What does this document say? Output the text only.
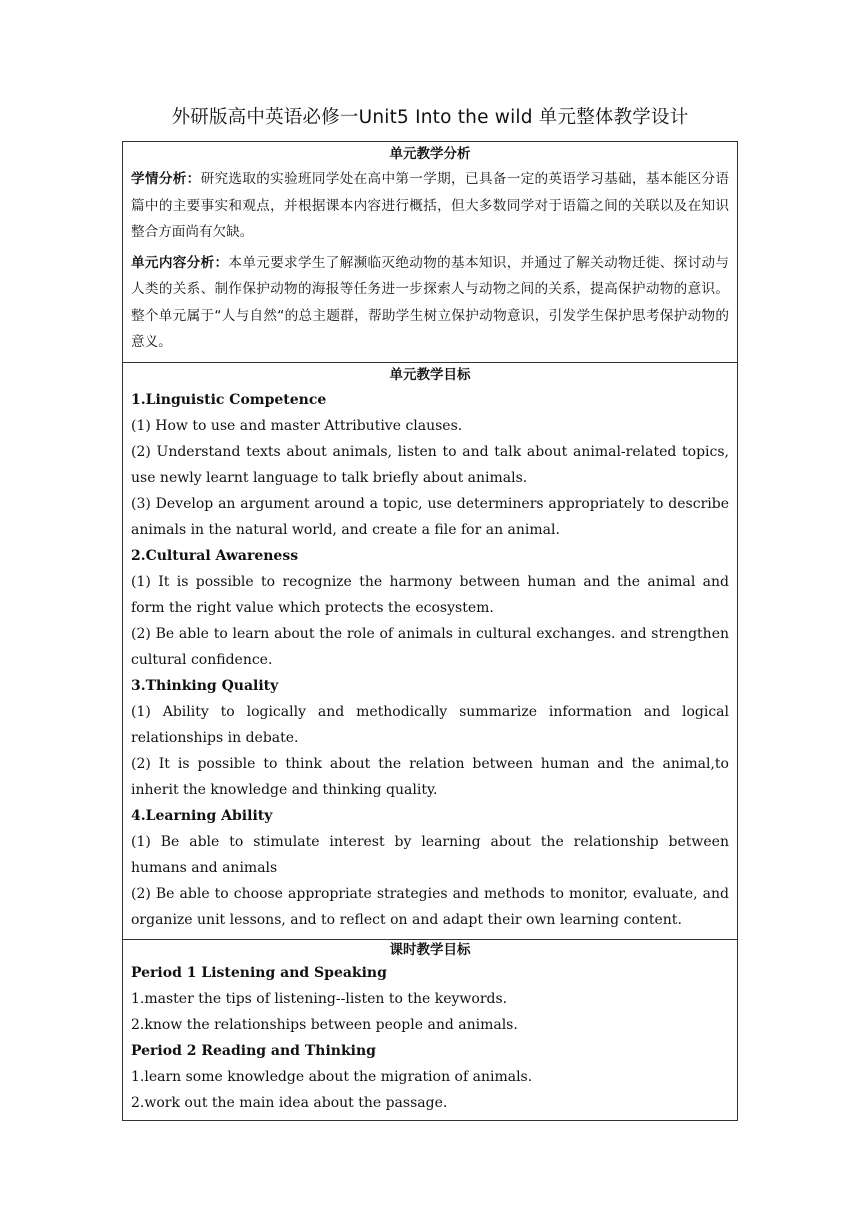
外研版高中英语必修一Unit5 Into the wild 单元整体教学设计
单元教学分析

学情分析：研究选取的实验班同学处在高中第一学期，已具备一定的英语学习基础，基本能区分语篇中的主要事实和观点，并根据课本内容进行概括，但大多数同学对于语篇之间的关联以及在知识整合方面尚有欠缺。

单元内容分析：本单元要求学生了解濒临灭绝动物的基本知识，并通过了解关动物迁徙、探讨动与人类的关系、制作保护动物的海报等任务进一步探索人与动物之间的关系，提高保护动物的意识。整个单元属于“人与自然“的总主题群，帮助学生树立保护动物意识，引发学生保护思考保护动物的意义。

单元教学目标
1.Linguistic Competence
(1) How to use and master Attributive clauses.
(2) Understand texts about animals, listen to and talk about animal-related topics, use newly learnt language to talk briefly about animals.
(3) Develop an argument around a topic, use determiners appropriately to describe animals in the natural world, and create a file for an animal.
2.Cultural Awareness
(1) It is possible to recognize the harmony between human and the animal and form the right value which protects the ecosystem.
(2) Be able to learn about the role of animals in cultural exchanges. and strengthen cultural confidence.
3.Thinking Quality
(1) Ability to logically and methodically summarize information and logical relationships in debate.
(2) It is possible to think about the relation between human and the animal,to inherit the knowledge and thinking quality.
4.Learning Ability
(1) Be able to stimulate interest by learning about the relationship between humans and animals
(2) Be able to choose appropriate strategies and methods to monitor, evaluate, and organize unit lessons, and to reflect on and adapt their own learning content.
课时教学目标
Period 1 Listening and Speaking
1.master the tips of listening--listen to the keywords.
2.know the relationships between people and animals.
Period 2 Reading and Thinking
1.learn some knowledge about the migration of animals.
2.work out the main idea about the passage.
